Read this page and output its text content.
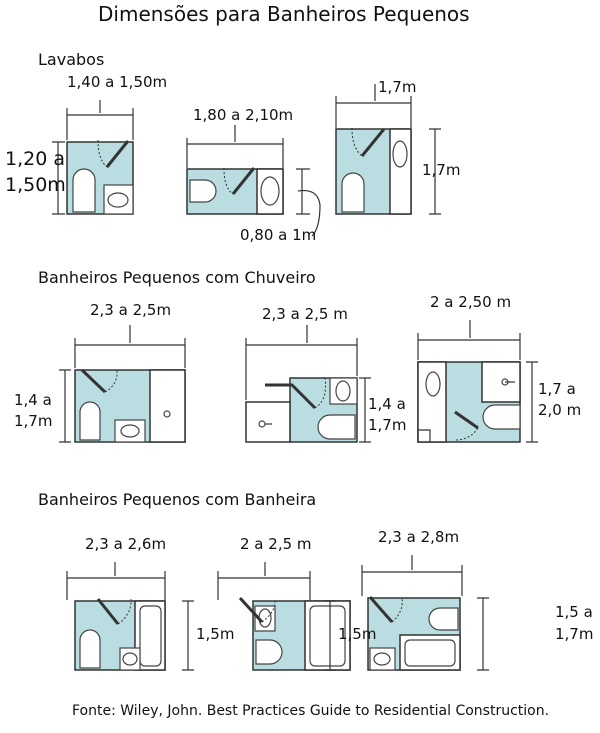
Dimensões para Banheiros Pequenos
Lavabos
1,40 a 1,50m
1,20 a
1,50m
1,80 a 2,10m
0,80 a 1m
1,7m
1,7m
Banheiros Pequenos com Chuveiro
2,3 a 2,5m
1,4 a
1,7m
2,3 a 2,5 m
1,4 a
1,7m
2 a 2,50 m
1,7 a
2,0 m
Banheiros Pequenos com Banheira
2,3 a 2,6m
1,5m
2 a 2,5 m
1,5m
2,3 a 2,8m
1,5 a
1,7m
Fonte: Wiley, John. Best Practices Guide to Residential Construction.
